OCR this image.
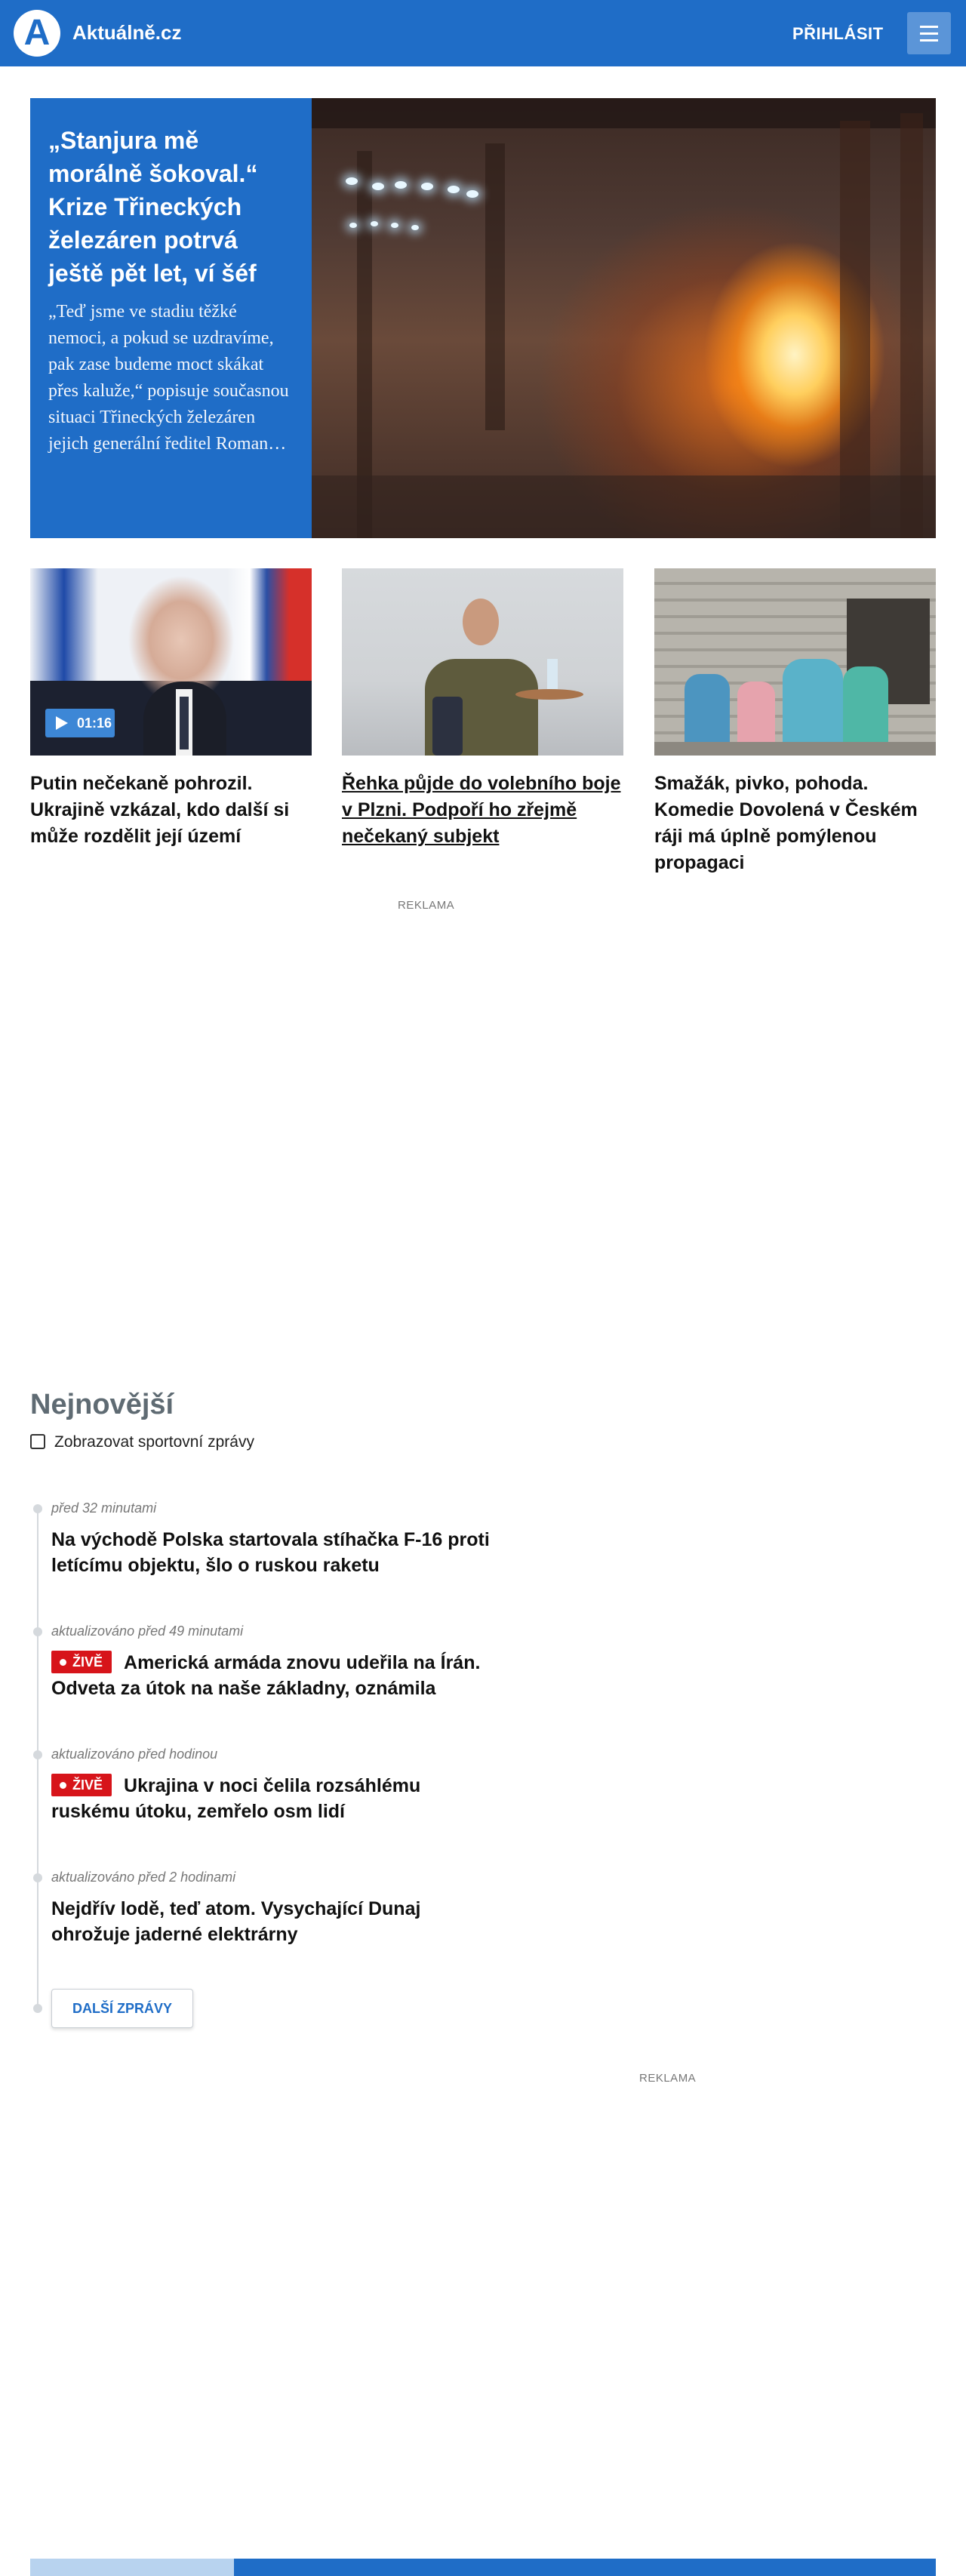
A	Aktuálně.cz	PŘIHLÁSIT
„Stanjura mě morálně šokoval.“ Krize Třineckých železáren potrvá ještě pět let, ví šéf
„Teď jsme ve stadiu těžké nemoci, a pokud se uzdravíme, pak zase budeme moct skákat přes kaluže,“ popisuje současnou situaci Třineckých železáren jejich generální ředitel Roman…
01:16
Putin nečekaně pohrozil. Ukrajině vzkázal, kdo další si může rozdělit její území
Řehka půjde do volebního boje v Plzni. Podpoří ho zřejmě nečekaný subjekt
Smažák, pivko, pohoda. Komedie Dovolená v Českém ráji má úplně pomýlenou propagaci
REKLAMA
Nejnovější
Zobrazovat sportovní zprávy
před 32 minutami
Na východě Polska startovala stíhačka F-16 proti letícímu objektu, šlo o ruskou raketu
aktualizováno před 49 minutami
ŽIVĚ Americká armáda znovu udeřila na Írán. Odveta za útok na naše základny, oznámila
aktualizováno před hodinou
ŽIVĚ Ukrajina v noci čelila rozsáhlému ruskému útoku, zemřelo osm lidí
aktualizováno před 2 hodinami
Nejdřív lodě, teď atom. Vysychající Dunaj ohrožuje jaderné elektrárny
DALŠÍ ZPRÁVY
REKLAMA
